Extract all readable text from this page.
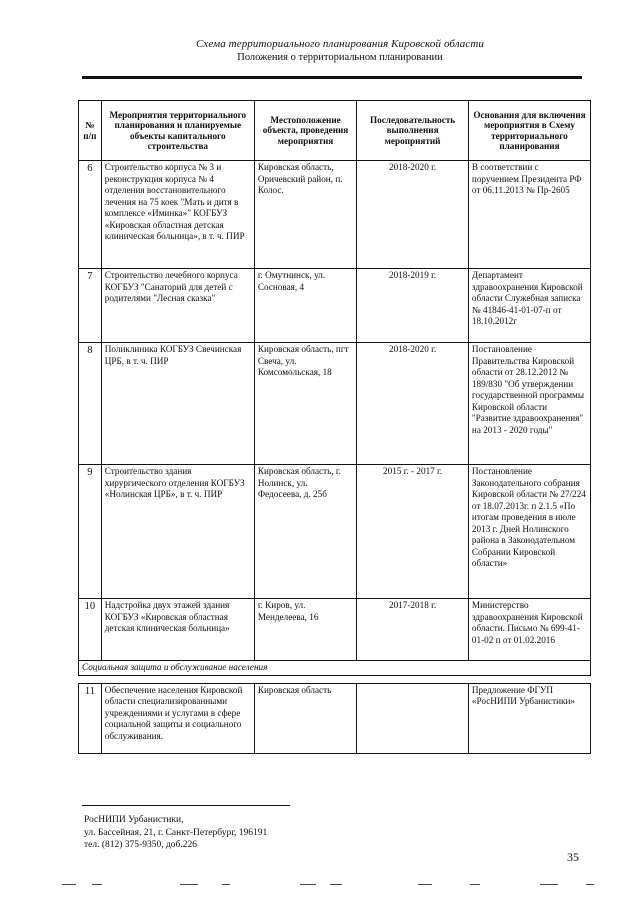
Схема территориального планирования Кировской области
Положения о территориальном планировании
№ п/п	Мероприятия территориального планирования и планируемые объекты капитального строительства	Местоположение объекта, проведения мероприятия	Последовательность выполнения мероприятий	Основания для включения мероприятия в Схему территориального планирования
6	Строительство корпуса № 3 и реконструкция корпуса № 4 отделения восстановительного лечения на 75 коек "Мать и дитя в комплексе «Иминка»" КОГБУЗ «Кировская областная детская клиническая больница», в т. ч. ПИР	Кировская область, Оричевский район, п. Колос.	2018-2020 г.	В соответствии с поручением Президента РФ от 06.11.2013 № Пр-2605
7	Строительство лечебного корпуса КОГБУЗ "Санаторий для детей с родителями "Лесная сказка"	г. Омутнинск, ул. Сосновая, 4	2018-2019 г.	Департамент здравоохранения Кировской области Служебная записка № 41846-41-01-07-п от 18.10.2012г
8	Поликлиника КОГБУЗ Свечинская ЦРБ, в т. ч. ПИР	Кировская область, пгт Свеча, ул. Комсомольская, 18	2018-2020 г.	Постановление Правительства Кировской области от 28.12.2012 № 189/830 "Об утверждении государственной программы Кировской области "Развитие здравоохранения" на 2013 - 2020 годы"
9	Строительство здания хирургического отделения КОГБУЗ «Нолинская ЦРБ», в т. ч. ПИР	Кировская область, г. Нолинск, ул. Федосеева, д. 25б	2015 г. - 2017 г.	Постановление Законодательного собрания Кировской области № 27/224 от 18.07.2013г. п 2.1.5 «По итогам проведения в июле 2013 г. Дней Нолинского района в Законодательном Собрании Кировской области»
10	Надстройка двух этажей здания КОГБУЗ «Кировская областная детская клиническая больница»	г. Киров, ул. Менделеева, 16	2017-2018 г.	Министерство здравоохранения Кировской области. Письмо № 699-41-01-02 п от 01.02.2016
Социальная защита и обслуживание населения				

11	Обеспечение населения Кировской области специализированными учреждениями и услугами в сфере социальной защиты и социального обслуживания.	Кировская область		Предложение ФГУП «РосНИПИ Урбанистики»
РосНИПИ Урбанистики,
ул. Бассейная, 21, г. Санкт-Петербург, 196191
тел. (812) 375-9350, доб.226
35
